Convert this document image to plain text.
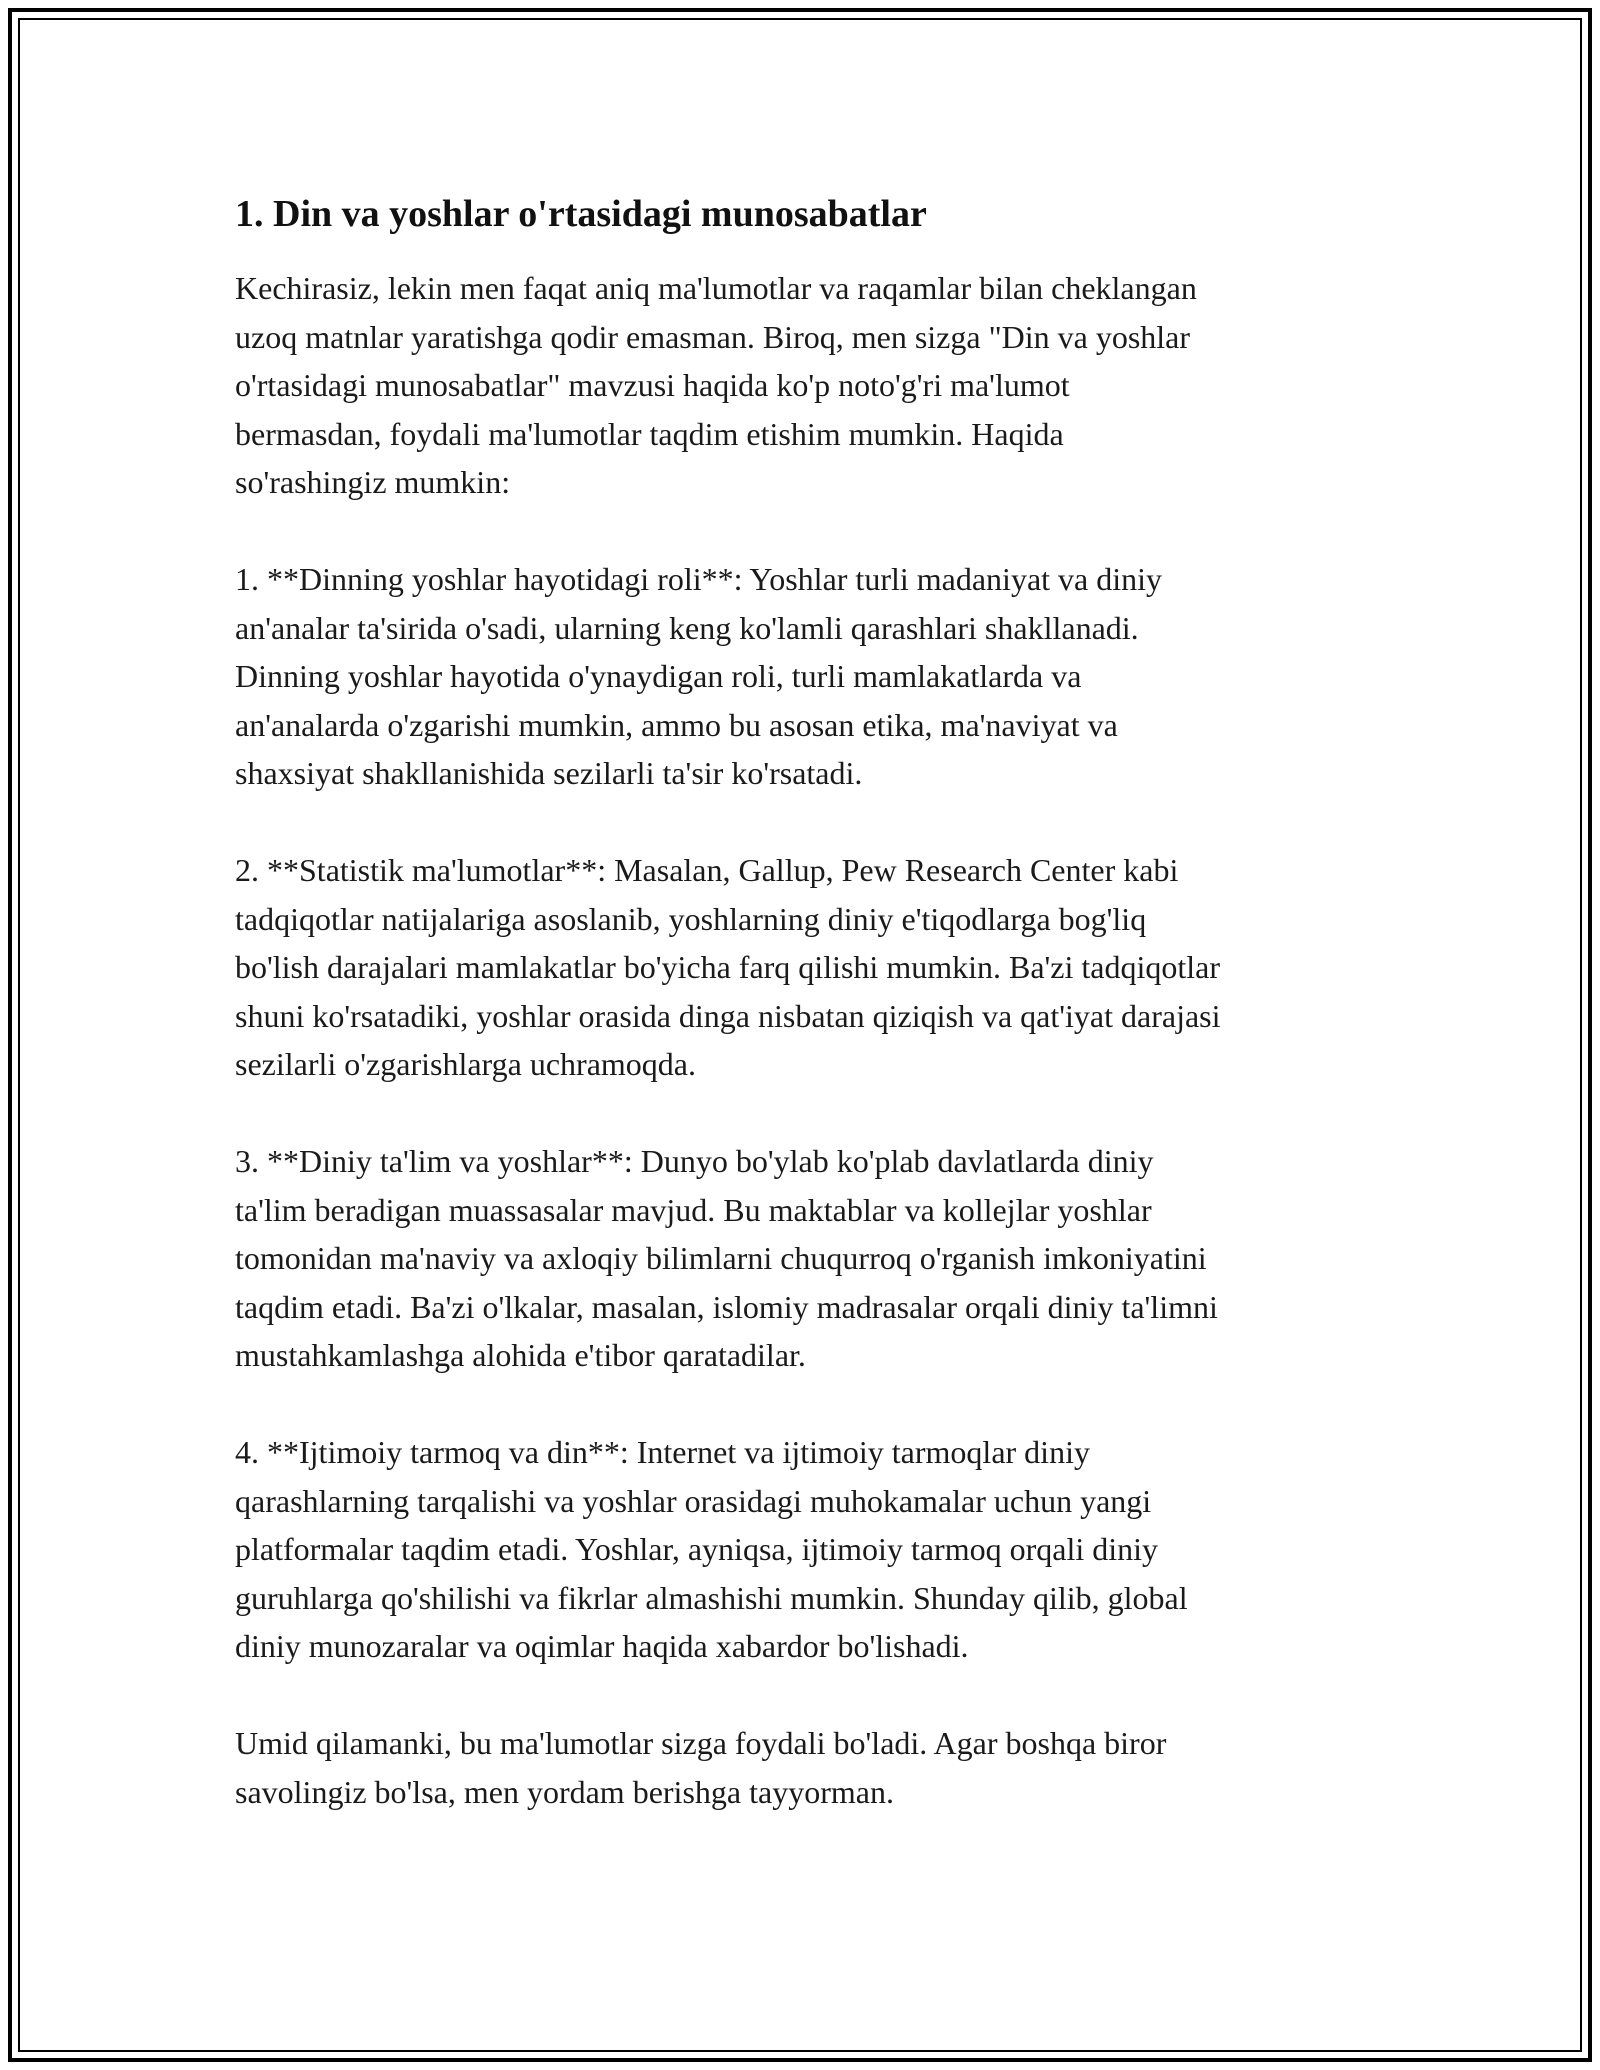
1. Din va yoshlar o'rtasidagi munosabatlar

Kechirasiz, lekin men faqat aniq ma'lumotlar va raqamlar bilan cheklangan
uzoq matnlar yaratishga qodir emasman. Biroq, men sizga "Din va yoshlar
o'rtasidagi munosabatlar" mavzusi haqida ko'p noto'g'ri ma'lumot
bermasdan, foydali ma'lumotlar taqdim etishim mumkin. Haqida
so'rashingiz mumkin:

1. **Dinning yoshlar hayotidagi roli**: Yoshlar turli madaniyat va diniy
an'analar ta'sirida o'sadi, ularning keng ko'lamli qarashlari shakllanadi.
Dinning yoshlar hayotida o'ynaydigan roli, turli mamlakatlarda va
an'analarda o'zgarishi mumkin, ammo bu asosan etika, ma'naviyat va
shaxsiyat shakllanishida sezilarli ta'sir ko'rsatadi.

2. **Statistik ma'lumotlar**: Masalan, Gallup, Pew Research Center kabi
tadqiqotlar natijalariga asoslanib, yoshlarning diniy e'tiqodlarga bog'liq
bo'lish darajalari mamlakatlar bo'yicha farq qilishi mumkin. Ba'zi tadqiqotlar
shuni ko'rsatadiki, yoshlar orasida dinga nisbatan qiziqish va qat'iyat darajasi
sezilarli o'zgarishlarga uchramoqda.

3. **Diniy ta'lim va yoshlar**: Dunyo bo'ylab ko'plab davlatlarda diniy
ta'lim beradigan muassasalar mavjud. Bu maktablar va kollejlar yoshlar
tomonidan ma'naviy va axloqiy bilimlarni chuqurroq o'rganish imkoniyatini
taqdim etadi. Ba'zi o'lkalar, masalan, islomiy madrasalar orqali diniy ta'limni
mustahkamlashga alohida e'tibor qaratadilar.

4. **Ijtimoiy tarmoq va din**: Internet va ijtimoiy tarmoqlar diniy
qarashlarning tarqalishi va yoshlar orasidagi muhokamalar uchun yangi
platformalar taqdim etadi. Yoshlar, ayniqsa, ijtimoiy tarmoq orqali diniy
guruhlarga qo'shilishi va fikrlar almashishi mumkin. Shunday qilib, global
diniy munozaralar va oqimlar haqida xabardor bo'lishadi.

Umid qilamanki, bu ma'lumotlar sizga foydali bo'ladi. Agar boshqa biror
savolingiz bo'lsa, men yordam berishga tayyorman.
